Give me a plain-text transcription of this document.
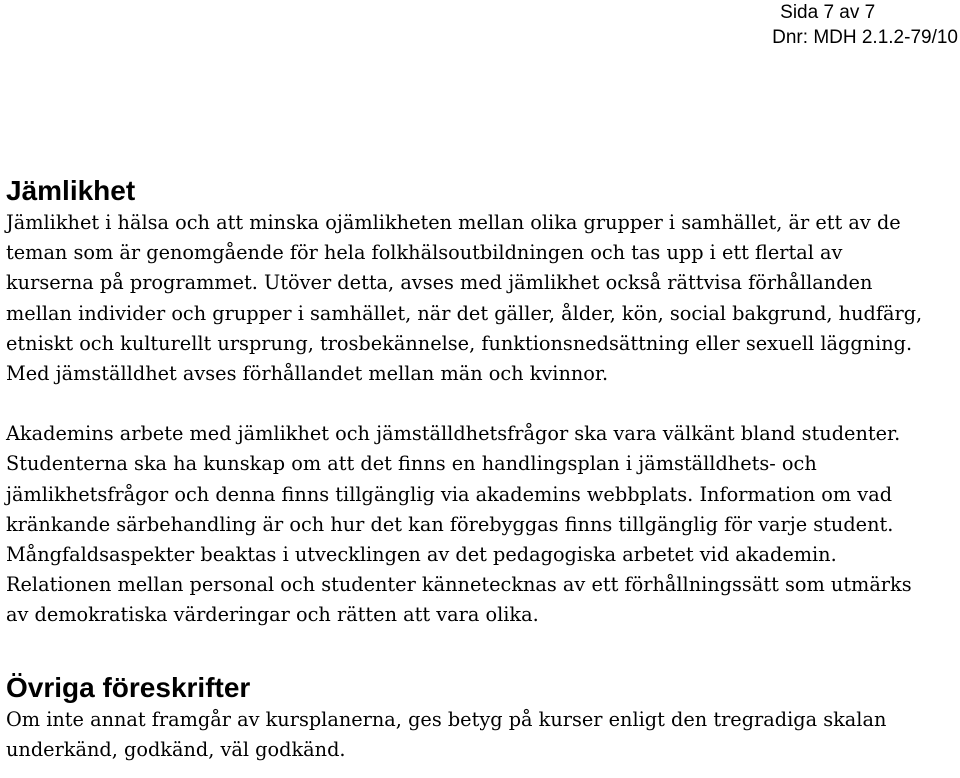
Sida 7 av 7
Dnr: MDH 2.1.2-79/10
Jämlikhet

Jämlikhet i hälsa och att minska ojämlikheten mellan olika grupper i samhället, är ett av de
teman som är genomgående för hela folkhälsoutbildningen och tas upp i ett flertal av
kurserna på programmet. Utöver detta, avses med jämlikhet också rättvisa förhållanden
mellan individer och grupper i samhället, när det gäller, ålder, kön, social bakgrund, hudfärg,
etniskt och kulturellt ursprung, trosbekännelse, funktionsnedsättning eller sexuell läggning.
Med jämställdhet avses förhållandet mellan män och kvinnor.

Akademins arbete med jämlikhet och jämställdhetsfrågor ska vara välkänt bland studenter.
Studenterna ska ha kunskap om att det finns en handlingsplan i jämställdhets- och
jämlikhetsfrågor och denna finns tillgänglig via akademins webbplats. Information om vad
kränkande särbehandling är och hur det kan förebyggas finns tillgänglig för varje student.
Mångfaldsaspekter beaktas i utvecklingen av det pedagogiska arbetet vid akademin.
Relationen mellan personal och studenter kännetecknas av ett förhållningssätt som utmärks
av demokratiska värderingar och rätten att vara olika.

Övriga föreskrifter

Om inte annat framgår av kursplanerna, ges betyg på kurser enligt den tregradiga skalan
underkänd, godkänd, väl godkänd.
